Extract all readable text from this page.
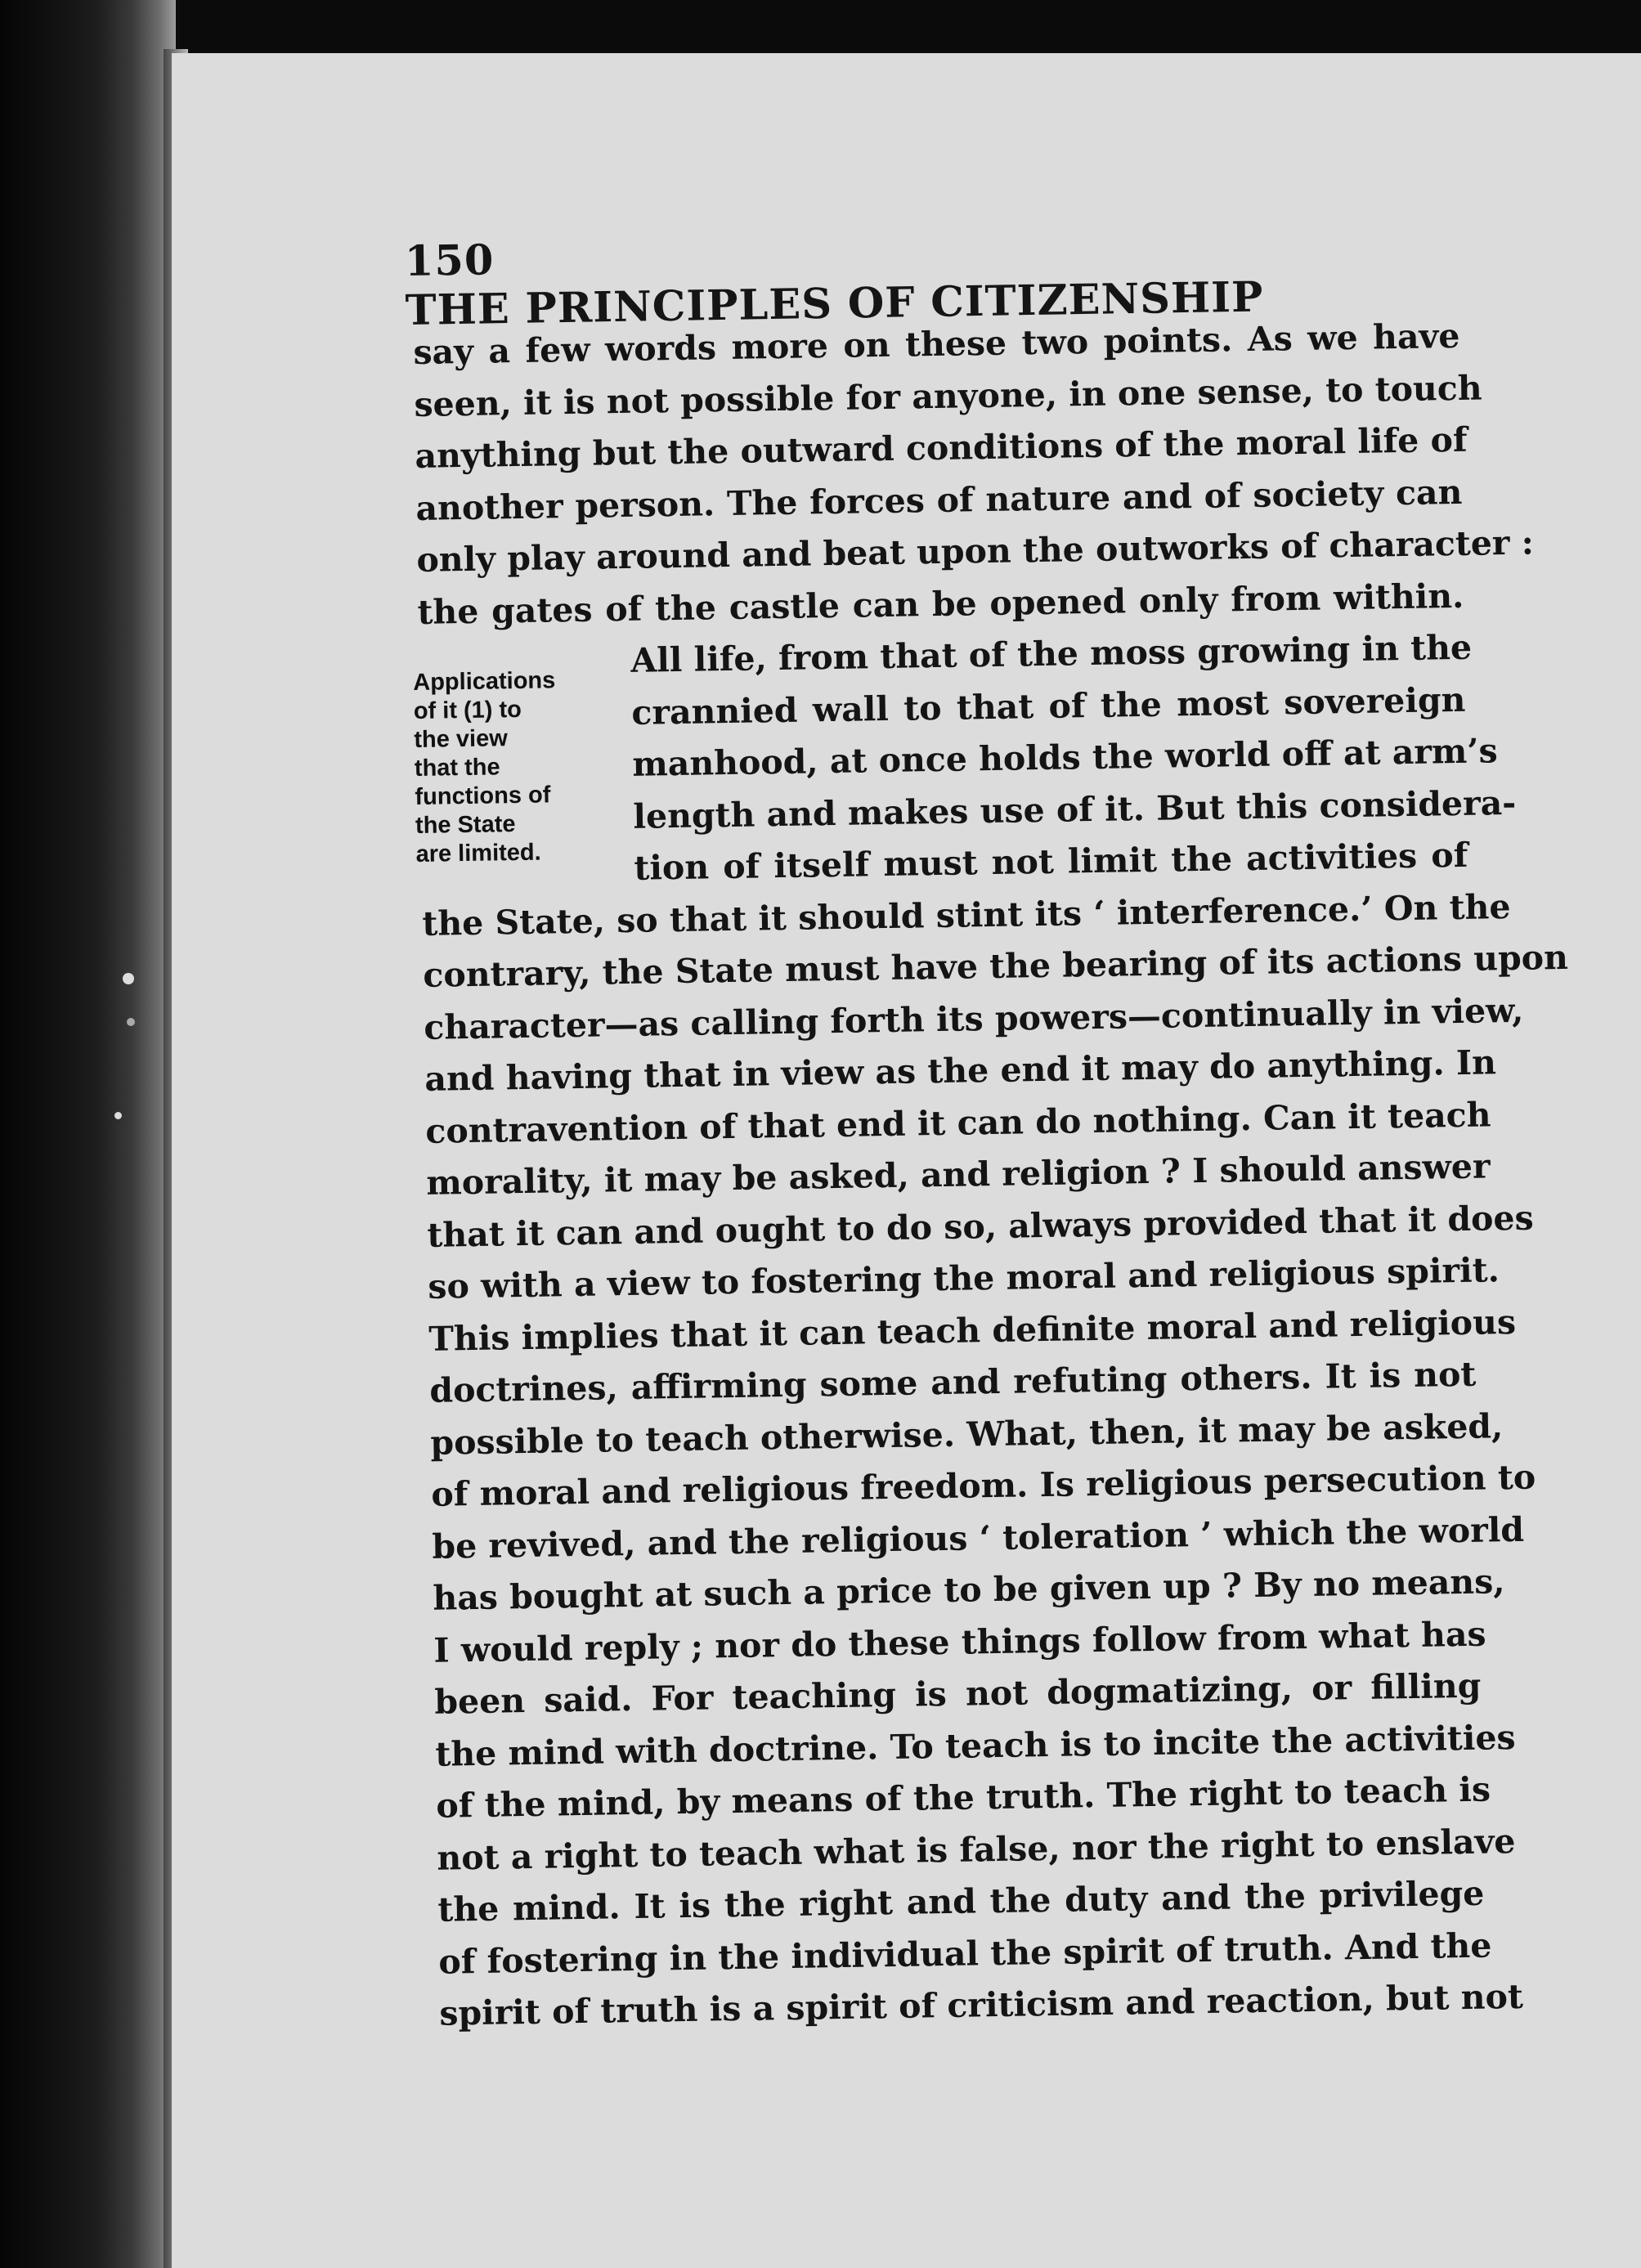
150 THE PRINCIPLES OF CITIZENSHIP
Applications
of it (1) to
the view
that the
functions of
the State
are limited.
say a few words more on these two points. As we have
seen, it is not possible for anyone, in one sense, to touch
anything but the outward conditions of the moral life of
another person. The forces of nature and of society can
only play around and beat upon the outworks of character :
the gates of the castle can be opened only from within.
All life, from that of the moss growing in the
crannied wall to that of the most sovereign
manhood, at once holds the world off at arm’s
length and makes use of it. But this considera-
tion of itself must not limit the activities of
the State, so that it should stint its ‘ interference.’ On the
contrary, the State must have the bearing of its actions upon
character—as calling forth its powers—continually in view,
and having that in view as the end it may do anything. In
contravention of that end it can do nothing. Can it teach
morality, it may be asked, and religion ? I should answer
that it can and ought to do so, always provided that it does
so with a view to fostering the moral and religious spirit.
This implies that it can teach definite moral and religious
doctrines, affirming some and refuting others. It is not
possible to teach otherwise. What, then, it may be asked,
of moral and religious freedom. Is religious persecution to
be revived, and the religious ‘ toleration ’ which the world
has bought at such a price to be given up ? By no means,
I would reply ; nor do these things follow from what has
been said. For teaching is not dogmatizing, or filling
the mind with doctrine. To teach is to incite the activities
of the mind, by means of the truth. The right to teach is
not a right to teach what is false, nor the right to enslave
the mind. It is the right and the duty and the privilege
of fostering in the individual the spirit of truth. And the
spirit of truth is a spirit of criticism and reaction, but not
